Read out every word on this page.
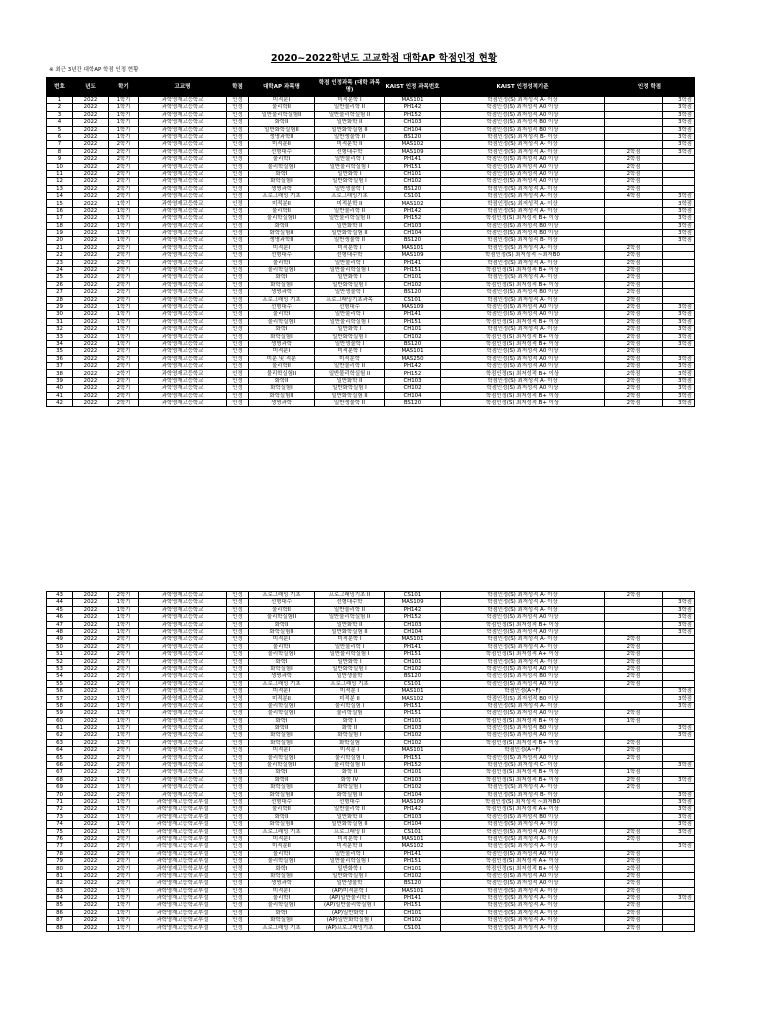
2020~2022학년도 고교학점 대학AP 학점인정 현황
※ 최근 3년간 대학AP 학점 인정 현황
번호	년도	학기	고교명	학점	대학AP 과목명	학점 인정과목 (대학 과목명)	KAIST 인정 과목번호	KAIST 인정성적기준	인정 학점	
1	2022	1학기	과학영재고등학교	인정	미적분I	미적분학 I	MAS101	학점인정(S) 최저성적 A- 이상		3학점
2	2022	1학기	과학영재고등학교	인정	물리학II	일반물리학 II	PH142	학점인정(S) 최저성적 A0 이상		3학점
3	2022	1학기	과학영재고등학교	인정	일반물리학실험II	일반물리학실험 II	PH152	학점인정(S) 최저성적 A0 이상		3학점
4	2022	1학기	과학영재고등학교	인정	화학II	일반화학 II	CH103	학점인정(S) 최저성적 B0 이상		3학점
5	2022	1학기	과학영재고등학교	인정	일반화학실험II	일반화학실험 II	CH104	학점인정(S) 최저성적 B0 이상		3학점
6	2022	1학기	과학영재고등학교	인정	생명과학II	일반생물학 II	BS120	학점인정(S) 최저성적 B- 이상		3학점
7	2022	2학기	과학영재고등학교	인정	미적분II	미적분학 II	MAS102	학점인정(S) 최저성적 A- 이상		3학점
8	2022	2학기	과학영재고등학교	인정	선형대수	선형대수학	MAS109	학점인정(S) 최저성적 A- 이상	2학점	3학점
9	2022	2학기	과학영재고등학교	인정	물리학I	일반물리학 I	PH141	학점인정(S) 최저성적 A0 이상	2학점	
10	2022	2학기	과학영재고등학교	인정	물리학실험I	일반물리학실험 I	PH151	학점인정(S) 최저성적 A0 이상	2학점	
11	2022	2학기	과학영재고등학교	인정	화학I	일반화학 I	CH101	학점인정(S) 최저성적 A0 이상	2학점	
12	2022	2학기	과학영재고등학교	인정	화학실험I	일반화학실험 I	CH102	학점인정(S) 최저성적 A0 이상	2학점	
13	2022	2학기	과학영재고등학교	인정	생명과학	일반생물학 I	BS120	학점인정(S) 최저성적 A- 이상	2학점	
14	2022	2학기	과학영재고등학교	인정	프로그래밍 기초	프로그래밍기초	CS101	학점인정(S) 최저성적 A- 이상	4학점	3학점
15	2022	1학기	과학영재고등학교	인정	미적분II	미적분학 II	MAS102	학점인정(S) 최저성적 A- 이상		3학점
16	2022	1학기	과학영재고등학교	인정	물리학II	일반물리학 II	PH142	학점인정(S) 최저성적 A- 이상		3학점
17	2022	1학기	과학영재고등학교	인정	물리학실험II	일반물리학실험 II	PH152	학점인정(S) 최저성적 B+ 이상		3학점
18	2022	1학기	과학영재고등학교	인정	화학II	일반화학 II	CH103	학점인정(S) 최저성적 B0 이상		3학점
19	2022	1학기	과학영재고등학교	인정	화학실험II	일반화학실험 II	CH104	학점인정(S) 최저성적 B0 이상		3학점
20	2022	1학기	과학영재고등학교	인정	생명과학II	일반생물학 II	BS120	학점인정(S) 최저성적 B- 이상		3학점
21	2022	2학기	과학영재고등학교	인정	미적분I	미적분학 I	MAS101	학점인정(S) 최저성적 A- 이상	2학점	
22	2022	2학기	과학영재고등학교	인정	선형대수	선형대수학	MAS109	학점인정(S) 최저성적 ~최저B0	2학점	
23	2022	2학기	과학영재고등학교	인정	물리학I	일반물리학 I	PH141	학점인정(S) 최저성적 A- 이상	2학점	
24	2022	2학기	과학영재고등학교	인정	물리학실험I	일반물리학실험 I	PH151	학점인정(S) 최저성적 B+ 이상	2학점	
25	2022	2학기	과학영재고등학교	인정	화학I	일반화학 I	CH101	학점인정(S) 최저성적 A- 이상	2학점	
26	2022	2학기	과학영재고등학교	인정	화학실험I	일반화학실험 I	CH102	학점인정(S) 최저성적 B+ 이상	2학점	
27	2022	2학기	과학영재고등학교	인정	생명과학	일반생물학 I	BS120	학점인정(S) 최저성적 B0 이상	2학점	
28	2022	2학기	과학영재고등학교	인정	프로그래밍 기초	프로그래밍기초과목	CS101	학점인정(S) 최저성적 A- 이상	2학점	
29	2022	1학기	과학영재고등학교	인정	선형대수	선형대수	MAS109	학점인정(S) 최저성적 A0 이상	2학점	3학점
30	2022	1학기	과학영재고등학교	인정	물리학I	일반물리학 I	PH141	학점인정(S) 최저성적 A0 이상	2학점	3학점
31	2022	1학기	과학영재고등학교	인정	물리학실험I	일반물리학실험 I	PH151	학점인정(S) 최저성적 B+ 이상	2학점	3학점
32	2022	1학기	과학영재고등학교	인정	화학I	일반화학 I	CH101	학점인정(S) 최저성적 A- 이상	2학점	3학점
33	2022	1학기	과학영재고등학교	인정	화학실험I	일반화학실험 I	CH102	학점인정(S) 최저성적 B+ 이상	2학점	3학점
34	2022	1학기	과학영재고등학교	인정	생명과학	일반생물학 I	BS120	학점인정(S) 최저성적 B+ 이상	2학점	3학점
35	2022	2학기	과학영재고등학교	인정	미적분I	미적분학 I	MAS101	학점인정(S) 최저성적 A0 이상	2학점	
36	2022	2학기	과학영재고등학교	인정	미분 및 적분	미적분학	MAS250	학점인정(S) 최저성적 A0 이상	2학점	3학점
37	2022	2학기	과학영재고등학교	인정	물리학II	일반물리학 II	PH142	학점인정(S) 최저성적 A0 이상	2학점	3학점
38	2022	2학기	과학영재고등학교	인정	물리학실험II	일반물리학실험 II	PH152	학점인정(S) 최저성적 B+ 이상	2학점	3학점
39	2022	2학기	과학영재고등학교	인정	화학II	일반화학 II	CH103	학점인정(S) 최저성적 A- 이상	2학점	3학점
40	2022	2학기	과학영재고등학교	인정	화학실험I	일반화학실험 I	CH102	학점인정(S) 최저성적 A0 이상	2학점	3학점
41	2022	2학기	과학영재고등학교	인정	화학실험II	일반화학실험 II	CH104	학점인정(S) 최저성적 B+ 이상	2학점	3학점
42	2022	2학기	과학영재고등학교	인정	생명과학	일반생물학 II	BS120	학점인정(S) 최저성적 B+ 이상	2학점	3학점
43	2022	2학기	과학영재고등학교	인정	프로그래밍 기초	프로그래밍기초 II	CS101	학점인정(S) 최저성적 A- 이상	2학점	
44	2022	1학기	과학영재고등학교	인정	선형대수	선형대수학	MAS109	학점인정(S) 최저성적 A- 이상		3학점
45	2022	1학기	과학영재고등학교	인정	물리학II	일반물리학 II	PH142	학점인정(S) 최저성적 A- 이상		3학점
46	2022	1학기	과학영재고등학교	인정	물리학실험II	일반물리학실험 II	PH152	학점인정(S) 최저성적 A0 이상		3학점
47	2022	1학기	과학영재고등학교	인정	화학II	일반화학 II	CH103	학점인정(S) 최저성적 B+ 이상		3학점
48	2022	1학기	과학영재고등학교	인정	화학실험II	일반화학실험 II	CH104	학점인정(S) 최저성적 A0 이상		3학점
49	2022	2학기	과학영재고등학교	인정	미적분I	미적분학 I	MAS101	학점인정(S) 최저성적 A- 이상	2학점	
50	2022	2학기	과학영재고등학교	인정	물리학I	일반물리학 I	PH141	학점인정(S) 최저성적 A- 이상	2학점	
51	2022	2학기	과학영재고등학교	인정	물리학실험I	일반물리학실험 I	PH151	학점인정(S) 최저성적 A+ 이상	2학점	
52	2022	2학기	과학영재고등학교	인정	화학I	일반화학 I	CH101	학점인정(S) 최저성적 A- 이상	2학점	
53	2022	2학기	과학영재고등학교	인정	화학실험I	일반화학실험 I	CH102	학점인정(S) 최저성적 A0 이상	2학점	
54	2022	2학기	과학영재고등학교	인정	생명과학	일반생물학	BS120	학점인정(S) 최저성적 B0 이상	2학점	
55	2022	2학기	과학영재고등학교	인정	프로그래밍 기초	프로그래밍 기초	CS101	학점인정(S) 최저성적 A0 이상	2학점	
56	2022	1학기	과학영재고등학교	인정	미적분I	미적분 I	MAS101	학점인정(A~F)		3학점
57	2022	1학기	과학영재고등학교	인정	미적분II	미적분 II	MAS102	학점인정(S) 최저성적 B0 이상		3학점
58	2022	1학기	과학영재고등학교	인정	물리학실험I	물리학실험 I	PH151	학점인정(S) 최저성적 A- 이상		3학점
59	2022	1학기	과학영재고등학교	인정	물리학실험I	물리학실험	PH151	학점인정(S) 최저성적 A0 이상	2학점	
60	2022	1학기	과학영재고등학교	인정	화학I	화학 I	CH101	학점인정(S) 최저성적 B+ 이상	1학점	
61	2022	1학기	과학영재고등학교	인정	화학II	화학 II	CH103	학점인정(S) 최저성적 B0 이상		3학점
62	2022	1학기	과학영재고등학교	인정	화학실험I	화학실험 I	CH102	학점인정(S) 최저성적 A0 이상		3학점
63	2022	1학기	과학영재고등학교	인정	화학실험I	화학실험	CH102	학점인정(S) 최저성적 B+ 이상	2학점	
64	2022	2학기	과학영재고등학교	인정	미적분I	미적분 I	MAS101	학점인정(A~F)	2학점	
65	2022	2학기	과학영재고등학교	인정	물리학실험I	물리학실험 I	PH151	학점인정(S) 최저성적 A0 이상	2학점	
66	2022	2학기	과학영재고등학교	인정	물리학실험II	물리학실험 II	PH152	학점인정(S) 최저성적 C- 이상		3학점
67	2022	2학기	과학영재고등학교	인정	화학I	화학 II	CH101	학점인정(S) 최저성적 B+ 이상	1학점	
68	2022	1학기	과학영재고등학교	인정	화학II	화학 IV	CH103	학점인정(S) 최저성적 B+ 이상	2학점	3학점
69	2022	1학기	과학영재고등학교	인정	화학실험I	화학실험 I	CH102	학점인정(S) 최저성적 A- 이상	2학점	
70	2022	2학기	과학영재고등학교	인정	화학실험II	화학실험 II	CH104	학점인정(S) 최저성적 B- 이상		3학점
71	2022	1학기	과학영재고등학교부설	인정	선형대수	선형대수	MAS109	학점인정(S) 최저성적 ~최저B0		3학점
72	2022	1학기	과학영재고등학교부설	인정	물리학II	일반물리학 II	PH142	학점인정(S) 최저성적 A+ 이상		3학점
73	2022	1학기	과학영재고등학교부설	인정	화학II	일반화학 II	CH103	학점인정(S) 최저성적 B0 이상		3학점
74	2022	1학기	과학영재고등학교부설	인정	화학실험II	일반화학실험 II	CH104	학점인정(S) 최저성적 A- 이상		3학점
75	2022	1학기	과학영재고등학교부설	인정	프로그래밍 기초	프로그래밍 II	CS101	학점인정(S) 최저성적 A0 이상	2학점	3학점
76	2022	2학기	과학영재고등학교부설	인정	미적분I	미적분학 I	MAS101	학점인정(S) 최저성적 A- 이상	2학점	
77	2022	2학기	과학영재고등학교부설	인정	미적분II	미적분학 II	MAS102	학점인정(S) 최저성적 A- 이상		3학점
78	2022	2학기	과학영재고등학교부설	인정	물리학I	일반물리학 I	PH141	학점인정(S) 최저성적 A0 이상	2학점	
79	2022	2학기	과학영재고등학교부설	인정	물리학실험I	일반물리학실험 I	PH151	학점인정(S) 최저성적 A+ 이상	2학점	
80	2022	2학기	과학영재고등학교부설	인정	화학I	일반화학 I	CH101	학점인정(S) 최저성적 B+ 이상	2학점	
81	2022	2학기	과학영재고등학교부설	인정	화학실험I	일반화학실험 I	CH102	학점인정(S) 최저성적 A0 이상	2학점	
82	2022	2학기	과학영재고등학교부설	인정	생명과학	일반생물학	BS120	학점인정(S) 최저성적 A0 이상	2학점	
83	2022	1학기	과학영재고등학교부설	인정	미적분I	(AP)미적분학 I	MAS101	학점인정(S) 최저성적 A- 이상	2학점	
84	2022	1학기	과학영재고등학교부설	인정	물리학I	(AP)일반물리학 I	PH141	학점인정(S) 최저성적 A- 이상	2학점	3학점
85	2022	1학기	과학영재고등학교부설	인정	물리학실험I	(AP)일반물리학실험 I	PH151	학점인정(S) 최저성적 A- 이상	2학점	
86	2022	1학기	과학영재고등학교부설	인정	화학I	(AP)일반화학 I	CH101	학점인정(S) 최저성적 A- 이상	2학점	
87	2022	1학기	과학영재고등학교부설	인정	화학실험I	(AP)일반화학실험 I	CH102	학점인정(S) 최저성적 A- 이상	2학점	
88	2022	1학기	과학영재고등학교부설	인정	프로그래밍 기초	(AP)프로그래밍기초	CS101	학점인정(S) 최저성적 A- 이상	2학점	
